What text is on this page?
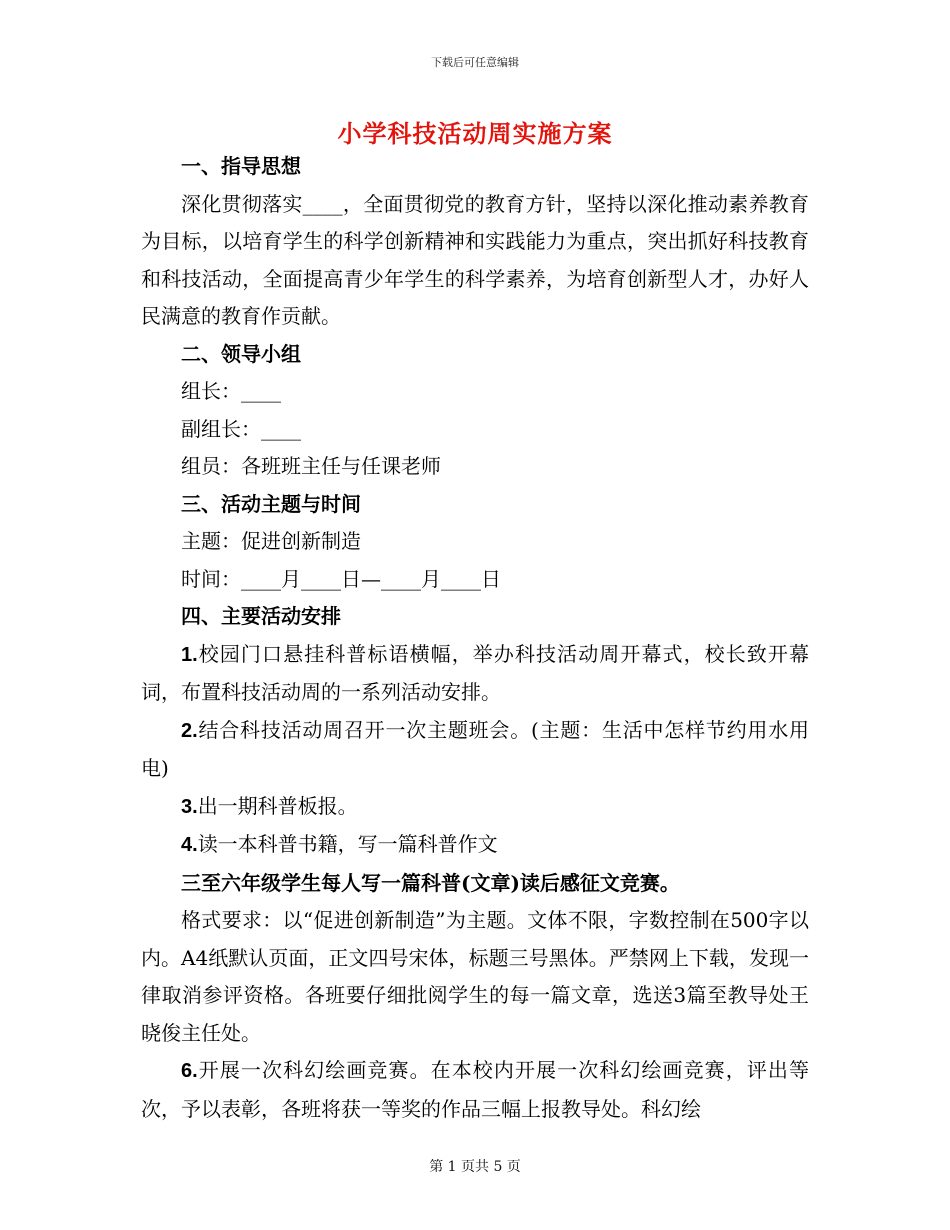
下载后可任意编辑
小学科技活动周实施方案

一、指导思想

深化贯彻落实____，全面贯彻党的教育方针，坚持以深化推动素养教育为目标，以培育学生的科学创新精神和实践能力为重点，突出抓好科技教育和科技活动，全面提高青少年学生的科学素养，为培育创新型人才，办好人民满意的教育作贡献。

二、领导小组

组长：____

副组长：____

组员：各班班主任与任课老师

三、活动主题与时间

主题：促进创新制造

时间：____月____日—____月____日

四、主要活动安排

1.校园门口悬挂科普标语横幅，举办科技活动周开幕式，校长致开幕词，布置科技活动周的一系列活动安排。

2.结合科技活动周召开一次主题班会。(主题：生活中怎样节约用水用电)

3.出一期科普板报。

4.读一本科普书籍，写一篇科普作文

三至六年级学生每人写一篇科普(文章)读后感征文竞赛。

格式要求：以“促进创新制造”为主题。文体不限，字数控制在500字以内。A4纸默认页面，正文四号宋体，标题三号黑体。严禁网上下载，发现一律取消参评资格。各班要仔细批阅学生的每一篇文章，选送3篇至教导处王晓俊主任处。

6.开展一次科幻绘画竞赛。在本校内开展一次科幻绘画竞赛，评出等次，予以表彰，各班将获一等奖的作品三幅上报教导处。科幻绘

第 1 页共 5 页
